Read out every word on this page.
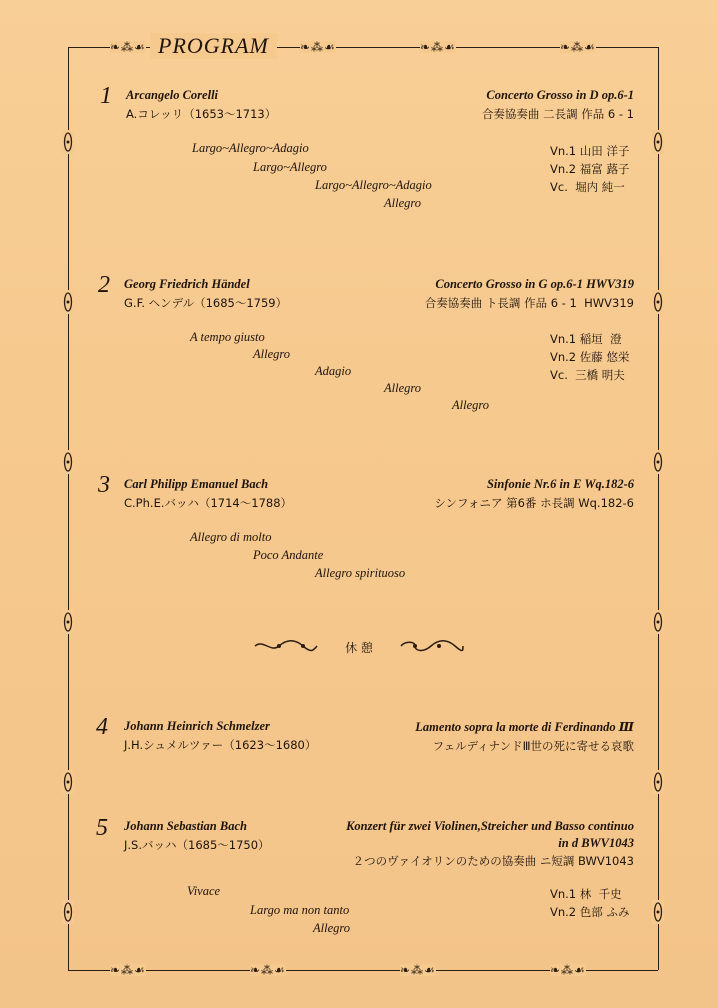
❧⁂☙	❧⁂☙	❧⁂☙	❧⁂☙
❧⁂☙	❧⁂☙	❧⁂☙	❧⁂☙
PROGRAM
1 Arcangelo Corelli
A.コレッリ（1653～1713）
Concerto Grosso in D op.6-1
合奏協奏曲 二長調 作品 6 - 1
Largo~Allegro~Adagio
Largo~Allegro
Largo~Allegro~Adagio
Allegro
Vn.1 山田 洋子
Vn.2 福富 蕗子
Vc.  堀内 純一
2 Georg Friedrich Händel
G.F. ヘンデル（1685～1759）
Concerto Grosso in G op.6-1 HWV319
合奏協奏曲 ト長調 作品 6 - 1  HWV319
A tempo giusto
Allegro
Adagio
Allegro
Allegro
Vn.1 稲垣  澄
Vn.2 佐藤 悠栄
Vc.  三橋 明夫
3 Carl Philipp Emanuel Bach
C.Ph.E.バッハ（1714～1788）
Sinfonie Nr.6 in E Wq.182-6
シンフォニア 第6番 ホ長調 Wq.182-6
Allegro di molto
Poco Andante
Allegro spirituoso
休 憩
4 Johann Heinrich Schmelzer
J.H.シュメルツァー（1623～1680）
Lamento sopra la morte di Ferdinando Ⅲ
フェルディナンドⅢ世の死に寄せる哀歌
5 Johann Sebastian Bach
J.S.バッハ（1685～1750）
Konzert für zwei Violinen,Streicher und Basso continuo
in d BWV1043
２つのヴァイオリンのための協奏曲 ニ短調 BWV1043
Vivace
Largo ma non tanto
Allegro
Vn.1 林  千史
Vn.2 色部 ふみ
